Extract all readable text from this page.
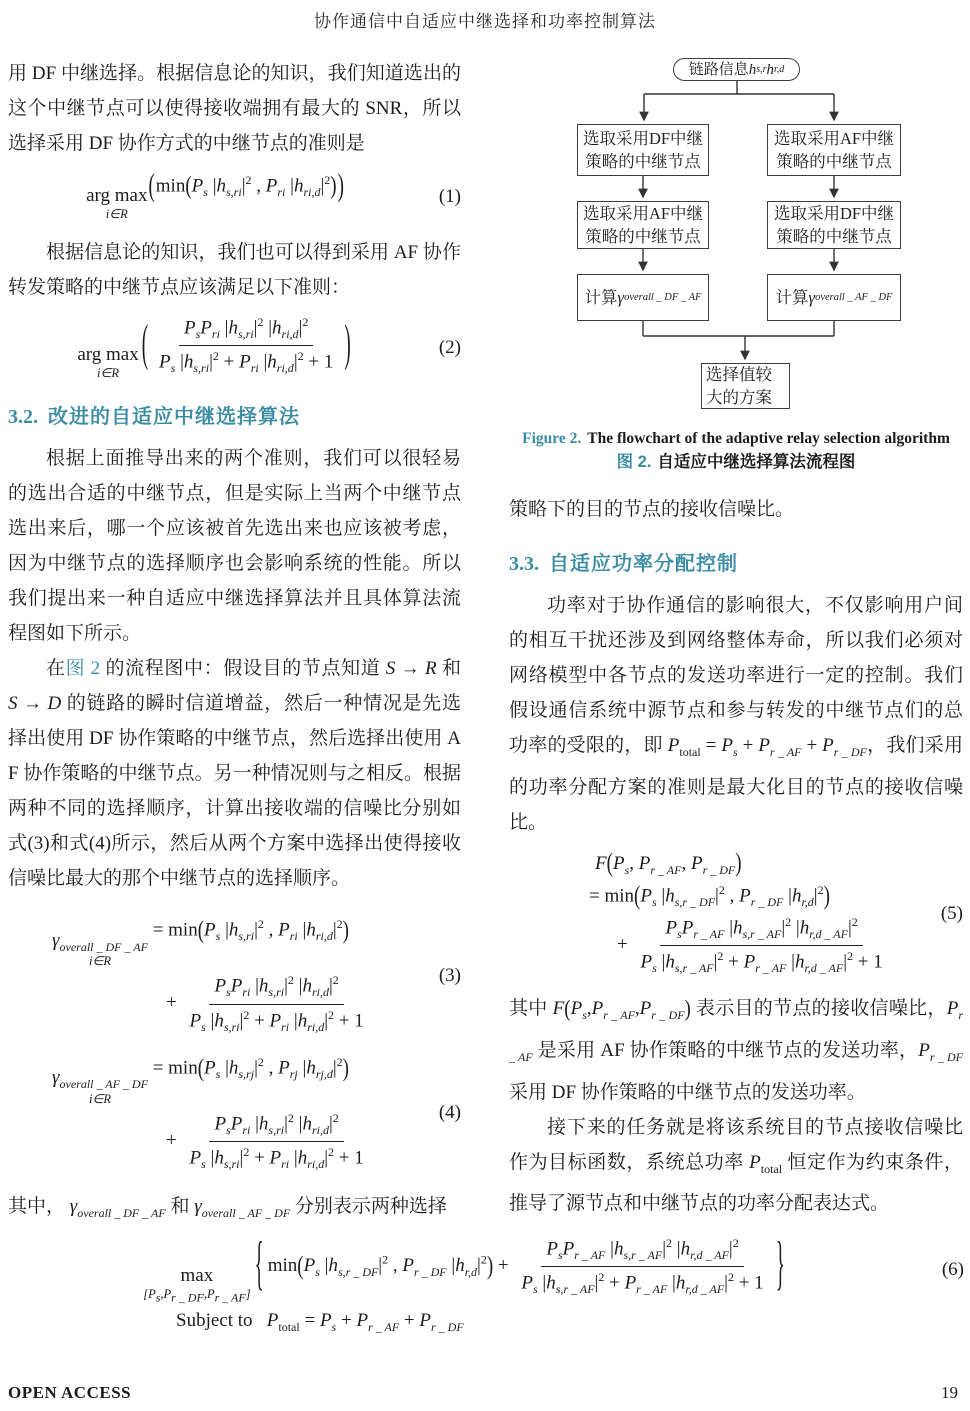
协作通信中自适应中继选择和功率控制算法

用 DF 中继选择。根据信息论的知识，我们知道选出的这个中继节点可以使得接收端拥有最大的 SNR，所以选择采用 DF 协作方式的中继节点的准则是

arg max
i∈R
($\min(P_s$ $|h_{s,ri}|^2$ , $P_{ri}$ $|h_{ri,d}|^2$))	(1)

根据信息论的知识，我们也可以得到采用 AF 协作转发策略的中继节点应该满足以下准则：

arg max
i∈R
( $P_sP_{ri}$ $|h_{s,ri}|^2$ $|h_{ri,d}|^2$
$P_s$ $|h_{s,ri}|^2 + P_{ri}$ $|h_{ri,d}|^2 + 1$ )	(2)
3.2. 改进的自适应中继选择算法

根据上面推导出来的两个准则，我们可以很轻易的选出合适的中继节点，但是实际上当两个中继节点选出来后，哪一个应该被首先选出来也应该被考虑，因为中继节点的选择顺序也会影响系统的性能。所以我们提出来一种自适应中继选择算法并且具体算法流程图如下所示。

在图 2 的流程图中：假设目的节点知道 S → R 和 S → D 的链路的瞬时信道增益，然后一种情况是先选择出使用 DF 协作策略的中继节点，然后选择出使用 AF 协作策略的中继节点。另一种情况则与之相反。根据两种不同的选择顺序，计算出接收端的信噪比分别如式(3)和式(4)所示，然后从两个方案中选择出使得接收信噪比最大的那个中继节点的选择顺序。

$\gamma_{overall \_ DF \_ AF}$
i∈R
= $\min(P_s$ $|h_{s,ri}|^2$ , $P_{ri}$ $|h_{ri,d}|^2$)
+
$P_sP_{ri}$ $|h_{s,ri}|^2$ $|h_{ri,d}|^2$
$P_s$ $|h_{s,ri}|^2 + P_{ri}$ $|h_{ri,d}|^2 + 1$
(3)
$\gamma_{overall \_ AF \_ DF}$
i∈R
= $\min(P_s$ $|h_{s,rj}|^2$ , $P_{rj}$ $|h_{rj,d}|^2$)
+
$P_sP_{ri}$ $|h_{s,ri}|^2$ $|h_{ri,d}|^2$
$P_s$ $|h_{s,ri}|^2 + P_{ri}$ $|h_{ri,d}|^2 + 1$
(4)

其中， $\gamma_{overall \_ DF \_ AF}$ 和 $\gamma_{overall \_ AF \_ DF}$ 分别表示两种选择

链路信息 h s,r h r,d
选取采用DF中继策略的中继节点
选取采用AF中继策略的中继节点
选取采用AF中继策略的中继节点
选取采用DF中继策略的中继节点
计算 γ overall _ DF _ AF	计算 γ overall _ AF _ DF
选择值较大的方案
Figure 2. The flowchart of the adaptive relay selection algorithm
图 2. 自适应中继选择算法流程图

策略下的目的节点的接收信噪比。

3.3. 自适应功率分配控制

功率对于协作通信的影响很大，不仅影响用户间的相互干扰还涉及到网络整体寿命，所以我们必须对网络模型中各节点的发送功率进行一定的控制。我们假设通信系统中源节点和参与转发的中继节点们的总功率的受限的，即 $P_{total} = P_s + P_{r \_ AF} + P_{r \_ DF}$，我们采用的功率分配方案的准则是最大化目的节点的接收信噪比。

$F(P_s$, $P_{r \_ AF}$, $P_{r \_ DF}$)
= $\min(P_s$ $|h_{s,r \_ DF}|^2$ , $P_{r \_ DF}$ $|h_{r,d}|^2$)
+
$P_sP_{r \_ AF}$ $|h_{s,r \_ AF}|^2$ $|h_{r,d \_ AF}|^2$
$P_s$ $|h_{s,r \_ AF}|^2 + P_{r \_ AF}$ $|h_{r,d \_ AF}|^2 + 1$
(5)

其中 $F(P_s,P_{r \_ AF},P_{r \_ DF})$ 表示目的节点的接收信噪比，$P_{r \_ AF}$ 是采用 AF 协作策略的中继节点的发送功率，$P_{r \_ DF}$ 采用 DF 协作策略的中继节点的发送功率。

接下来的任务就是将该系统目的节点接收信噪比作为目标函数，系统总功率 $P_{total}$ 恒定作为约束条件，推导了源节点和中继节点的功率分配表达式。

max
$[P_s,P_{r \_ DF},P_{r \_ AF}]$ { $\min(P_s$ $|h_{s,r \_ DF}|^2$ , $P_{r \_ DF}$ $|h_{r,d}|^2$) +
$P_sP_{r \_ AF}$ $|h_{s,r \_ AF}|^2$ $|h_{r,d \_ AF}|^2$
$P_s$ $|h_{s,r \_ AF}|^2 + P_{r \_ AF}$ $|h_{r,d \_ AF}|^2 + 1$ }	(6)
Subject to   $P_{total} = P_s + P_{r \_ AF} + P_{r \_ DF}$
OPEN ACCESS	19
